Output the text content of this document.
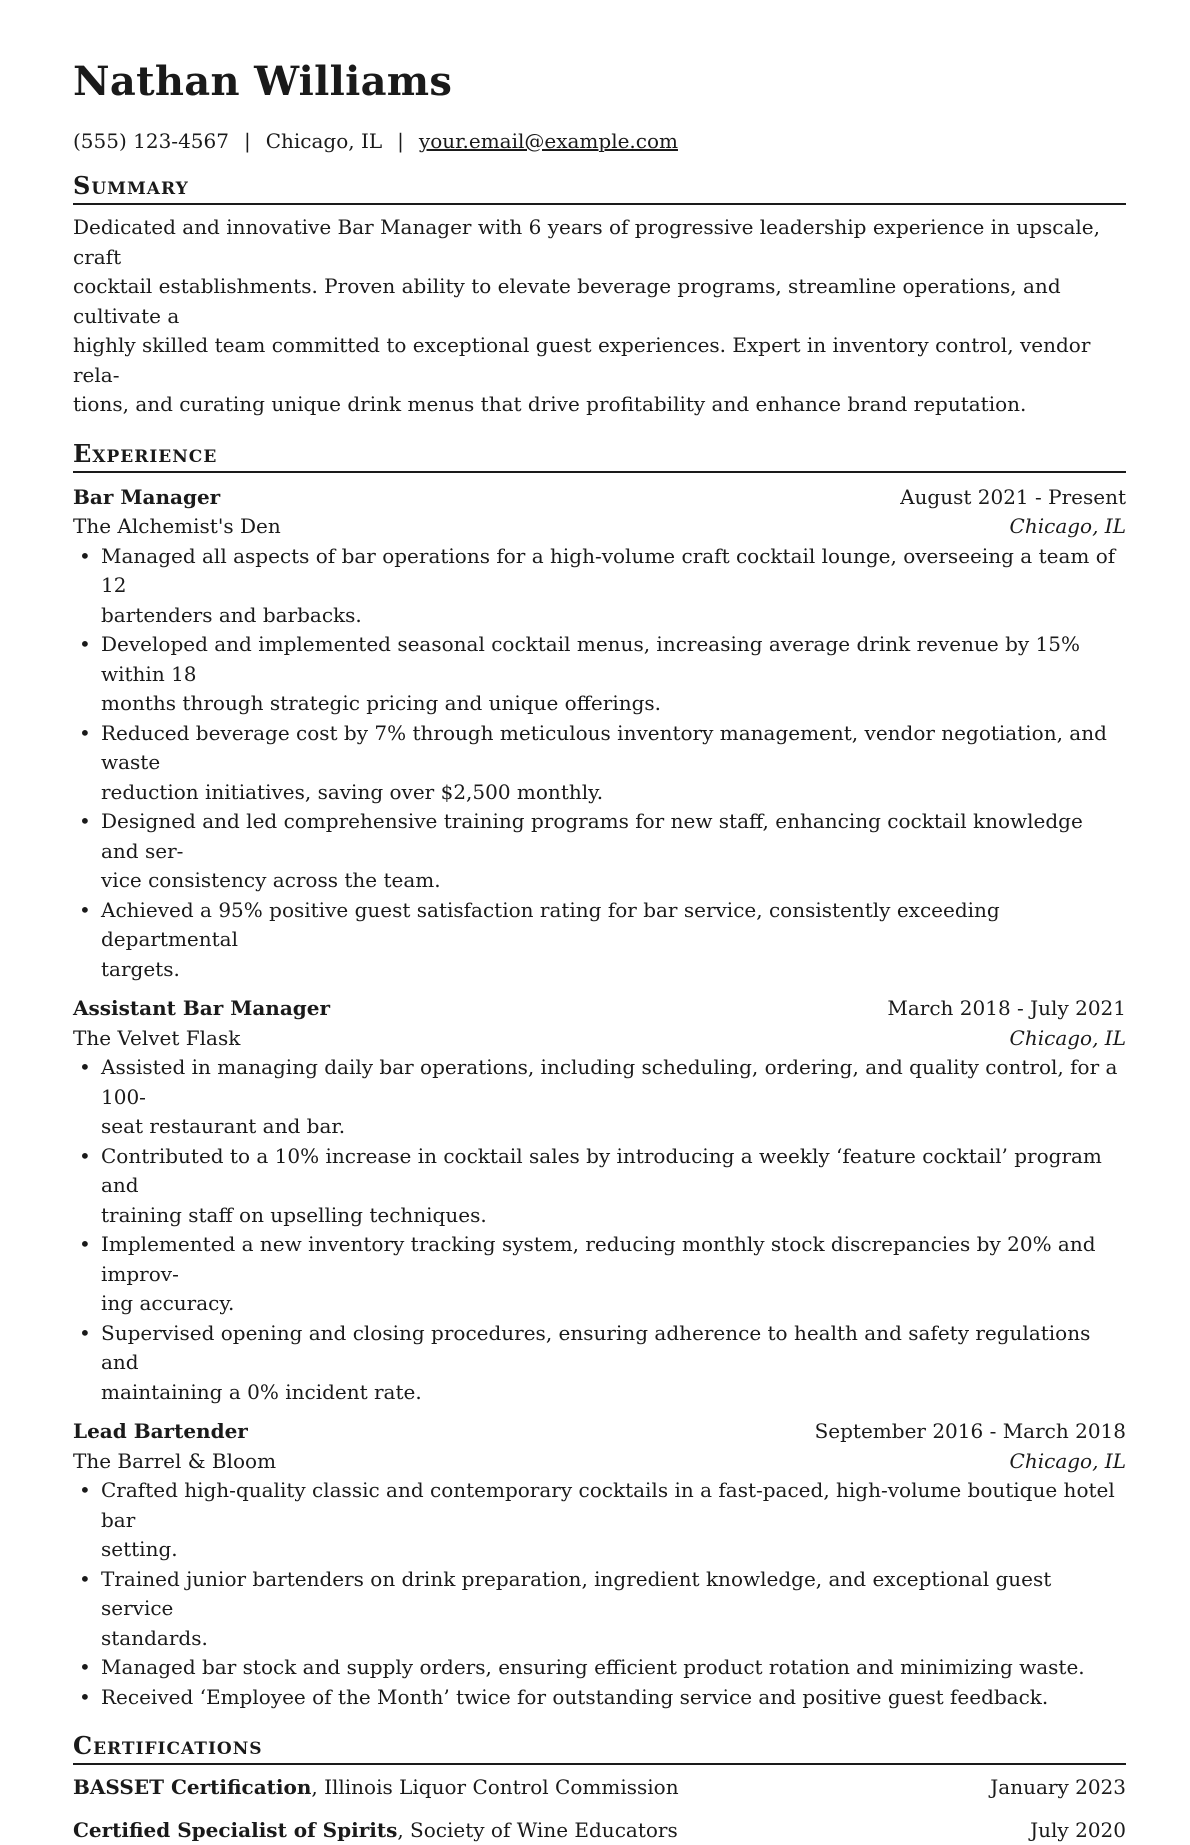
Nathan Williams
(555) 123-4567 | Chicago, IL | your.email@example.com
Summary
Dedicated and innovative Bar Manager with 6 years of progressive leadership experience in upscale, craft
cocktail establishments. Proven ability to elevate beverage programs, streamline operations, and cultivate a
highly skilled team committed to exceptional guest experiences. Expert in inventory control, vendor rela-
tions, and curating unique drink menus that drive profitability and enhance brand reputation.
Experience
Bar Manager	August 2021 - Present
The Alchemist's Den	Chicago, IL
• Managed all aspects of bar operations for a high-volume craft cocktail lounge, overseeing a team of 12
bartenders and barbacks.
• Developed and implemented seasonal cocktail menus, increasing average drink revenue by 15% within 18
months through strategic pricing and unique offerings.
• Reduced beverage cost by 7% through meticulous inventory management, vendor negotiation, and waste
reduction initiatives, saving over $2,500 monthly.
• Designed and led comprehensive training programs for new staff, enhancing cocktail knowledge and ser-
vice consistency across the team.
• Achieved a 95% positive guest satisfaction rating for bar service, consistently exceeding departmental
targets.
Assistant Bar Manager	March 2018 - July 2021
The Velvet Flask	Chicago, IL
• Assisted in managing daily bar operations, including scheduling, ordering, and quality control, for a 100-
seat restaurant and bar.
• Contributed to a 10% increase in cocktail sales by introducing a weekly ‘feature cocktail’ program and
training staff on upselling techniques.
• Implemented a new inventory tracking system, reducing monthly stock discrepancies by 20% and improv-
ing accuracy.
• Supervised opening and closing procedures, ensuring adherence to health and safety regulations and
maintaining a 0% incident rate.
Lead Bartender	September 2016 - March 2018
The Barrel & Bloom	Chicago, IL
• Crafted high-quality classic and contemporary cocktails in a fast-paced, high-volume boutique hotel bar
setting.
• Trained junior bartenders on drink preparation, ingredient knowledge, and exceptional guest service
standards.
• Managed bar stock and supply orders, ensuring efficient product rotation and minimizing waste.
• Received ‘Employee of the Month’ twice for outstanding service and positive guest feedback.
Certifications
BASSET Certification, Illinois Liquor Control Commission	January 2023
Certified Specialist of Spirits, Society of Wine Educators	July 2020
